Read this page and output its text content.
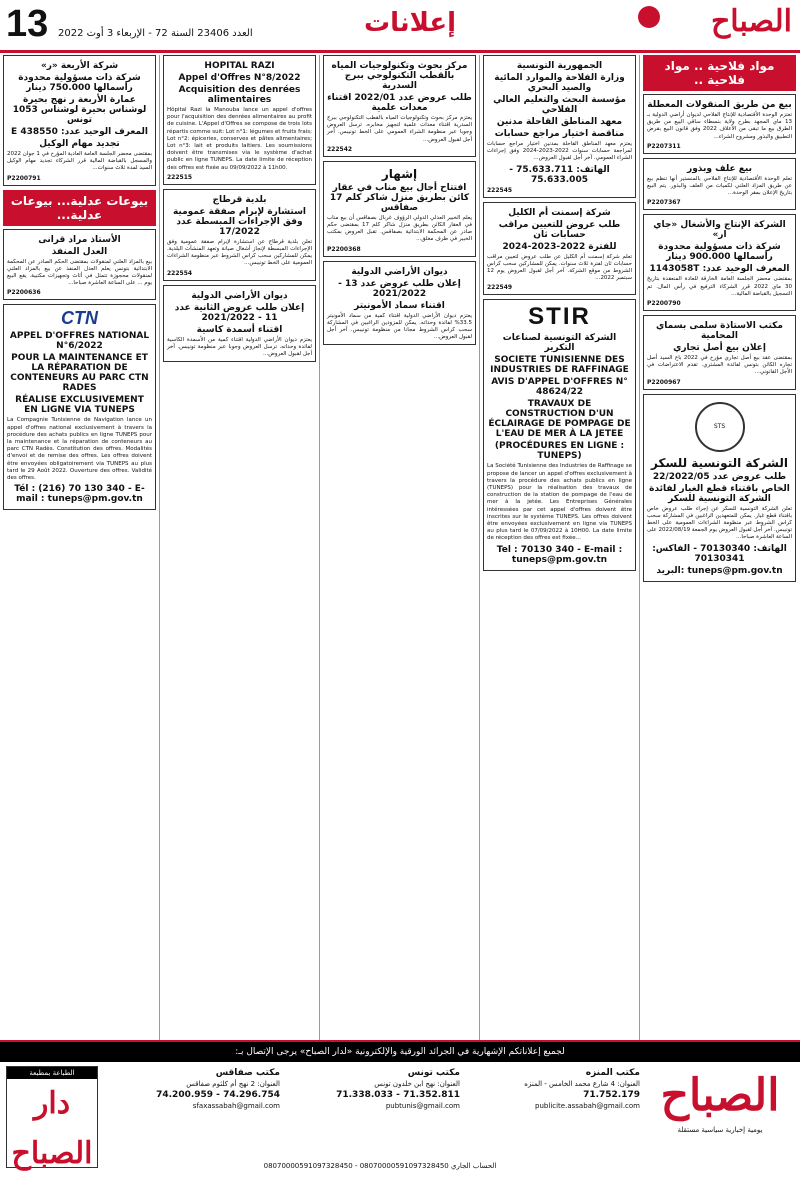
13 العدد 23406 السنة 72 - الإربعاء 3 أوت 2022	إعلانات	الصباح
مواد فلاحية .. مواد فلاحية ..
بيع من طريق المنقولات المعطلة
تعتزم الوحدة الأقتصادية للإنتاج الفلاحي لديوان أراضي الدولية بـ 13 ماي المجهد بطرح ولاية بنسطاء ساقي الييع من طريق الطرق بيع ما تبقى من الأعلاف 2022 وفق قانون البيع بقرض التطبيق والبذور ومشروح الشراء...
P2207311
بيع علف وبذور
تعلم الوحدة الأقتصادية للإنتاج الفلاحي بالمنستير أنها تنظم بيع عن طريق المزاد العلني لكميات من العلف والبذور. يتم البيع بتاريخ الإعلان بمقر الوحدة...
P2207367
الشركة الإنتاج والأشغال «جاي ار»
شركة ذات مسؤولية محدودة رأسمالها 900.000 دينار
المعرف الوحيد عدد: 1143058T
بمقتضى محضر الجلسة العامة الخارقة للعادة المنعقدة بتاريخ 30 ماي 2022 قرر الشركاء الترفيع في رأس المال. تم التسجيل بالقباضة المالية...
P2200790
مكتب الاستاذة سلمى بسماي المحامية
إعلان بيع أصل تجاري
بمقتضى عقد بيع أصل تجاري مؤرخ في 2022 باع السيد أصل تجاره الكائن بتونس لفائدة المشتري. تقدم الاعتراضات في الأجل القانوني...
P2200967
STS
الشركة التونسية للسكر
طلب عروض عدد 22/2022/05
الخاص باقتناء قطع الغيار لفائدة الشركة التونسية للسكر
تعلن الشركة التونسية للسكر عن إجراء طلب عروض خاص باقتناء قطع غيار. يمكن للمتعهدين الراغبين في المشاركة سحب كراس الشروط عبر منظومة الشراءات العمومية على الخط تونيبس. آخر أجل لقبول العروض يوم الجمعة 2022/08/19 على الساعة العاشرة صباحا...
الهاتف: 70130340 - الفاكس: 70130341
tuneps@pm.gov.tn :البريد
الجمهورية التونسية
وزارة الفلاحة والموارد المائية والصيد البحري
مؤسسة البحث والتعليم العالي الفلاحي
معهد المناطق القاحلة مدنين
مناقصة اختيار مراجع حسابات
يعتزم معهد المناطق القاحلة بمدنين اختيار مراجع حسابات لمراجعة حسابات سنوات 2022-2023-2024 وفق إجراءات الشراء العمومي. آخر أجل لقبول العروض...
الهاتف: 75.633.711 - 75.633.005
222545
شركة إسمنت أم الكليل
طلب عروض للتعيين مراقب حسابات ثان
للفترة 2022-2023-2024
تعلم شركة إسمنت أم الكليل عن طلب عروض لتعيين مراقب حسابات ثان لفترة ثلاث سنوات. يمكن للمشاركين سحب كراس الشروط من موقع الشركة. آخر أجل لقبول العروض يوم 12 سبتمبر 2022...
222549
STIR
الشركة التونسية لصناعات التكرير
SOCIETE TUNISIENNE DES INDUSTRIES DE RAFFINAGE
AVIS D'APPEL D'OFFRES N° 48624/22
TRAVAUX DE CONSTRUCTION D'UN ÉCLAIRAGE DE POMPAGE DE L'EAU DE MER À LA JETEE
(PROCÉDURES EN LIGNE : TUNEPS)
La Société Tunisienne des Industries de Raffinage se propose de lancer un appel d'offres exclusivement à travers la procédure des achats publics en ligne (TUNEPS) pour la réalisation des travaux de construction de la station de pompage de l'eau de mer à la jetée. Les Entreprises Générales intéressées par cet appel d'offres doivent être inscrites sur le système TUNEPS. Les offres doivent être envoyées exclusivement en ligne via TUNEPS au plus tard le 07/09/2022 à 10H00. La date limite de réception des offres est fixée...
Tel : 70130 340 - E-mail : tuneps@pm.gov.tn
مركز بحوث وتكنولوجيات المياه بالقطب التكنولوجي ببرج السدرية
طلب عروض عدد 2022/01 اقتناء معدات علمية
يعتزم مركز بحوث وتكنولوجيات المياه بالقطب التكنولوجي ببرج السدرية اقتناء معدات علمية لتجهيز مخابره. ترسل العروض وجوبا عبر منظومة الشراء العمومي على الخط تونيبس. آخر أجل لقبول العروض...
222542
إشهار
افتتاح أجال بيع مناب في عقار كائن بطريق منزل شاكر كلم 17 صفاقس
يعلم الخبير العدلي الدولي الرؤوف غربال بصفاقس أن بيع مناب في العقار الكائن بطريق منزل شاكر كلم 17 بمقتضى حكم صادر عن المحكمة الابتدائية بصفاقس. تقبل العروض بمكتب الخبير في ظرف مغلق...
P2200368
ديوان الأراضي الدولية
إعلان طلب عروض عدد 13 - 2021/2022
اقتناء سماد الأمونيتر
يعتزم ديوان الأراضي الدولية اقتناء كمية من سماد الأمونيتر 33.5% لفائدة وحداته. يمكن للمزودين الراغبين في المشاركة سحب كراس الشروط مجانا من منظومة تونيبس. آخر أجل لقبول العروض...
HOPITAL RAZI
Appel d'Offres N°8/2022
Acquisition des denrées alimentaires
Hôpital Razi la Manouba lance un appel d'offres pour l'acquisition des denrées alimentaires au profit de cuisine. L'Appel d'Offres se compose de trois lots répartis comme suit: Lot n°1: légumes et fruits frais; Lot n°2: épiceries, conserves et pâtes alimentaires; Lot n°3: lait et produits laitiers. Les soumissions doivent être transmises via le système d'achat public en ligne TUNEPS. La date limite de réception des offres est fixée au 09/09/2022 à 11h00.
222515
بلدية قرطاج
استشارة لإبرام صفقة عمومية وفق الإجراءات المبسطة عدد 17/2022
تعلن بلدية قرطاج عن استشارة لإبرام صفقة عمومية وفق الإجراءات المبسطة لإنجاز أشغال صيانة وتعهد المنشآت البلدية. يمكن للمشاركين سحب كراس الشروط عبر منظومة الشراءات العمومية على الخط تونيبس...
222554
ديوان الأراضي الدولية
إعلان طلب عروض الثانية عدد 11 - 2021/2022
اقتناء أسمدة كاسية
يعتزم ديوان الأراضي الدولية اقتناء كمية من الأسمدة الكاسية لفائدة وحداته. ترسل العروض وجوبا عبر منظومة تونيبس. آخر أجل لقبول العروض...
شركة الأربعة «ر»
شركة ذات مسؤولية محدودة رأسمالها 750.000 دينار
عمارة الأربعة ر نهج بحيرة لوشناس بحيرة لوشناس 1053 تونس
المعرف الوحيد عدد: E 438550
تجديد مهام الوكيل
بمقتضى محضر الجلسة العامة العادية المؤرخ في 1 جوان 2022 والمسجل بالقباضة المالية قرر الشركاء تجديد مهام الوكيل السيد لمدة ثلاث سنوات...
P2200791
بيوعات عدلية... بيوعات عدلية...
الأستاذ مراد قرانى
العدل المنفذ
بيع بالمزاد العلني لمنقولات بمقتضى الحكم الصادر عن المحكمة الابتدائية بتونس يعلم العدل المنفذ عن بيع بالمزاد العلني لمنقولات محجوزة تتمثل في أثاث وتجهيزات مكتبية. يقع البيع يوم ... على الساعة العاشرة صباحا...
P2200636
CTN
APPEL D'OFFRES NATIONAL N°6/2022
POUR LA MAINTENANCE ET LA RÉPARATION DE CONTENEURS AU PARC CTN RADES
RÉALISE EXCLUSIVEMENT EN LIGNE VIA TUNEPS
La Compagnie Tunisienne de Navigation lance un appel d'offres national exclusivement à travers la procédure des achats publics en ligne TUNEPS pour la maintenance et la réparation de conteneurs au parc CTN Radès. Constitution des offres. Modalités d'envoi et de remise des offres. Les offres doivent être envoyées obligatoirement via TUNEPS au plus tard le 29 Août 2022. Ouverture des offres. Validité des offres.
Tél : (216) 70 130 340 - E-mail : tuneps@pm.gov.tn
لجميع إعلاناتكم الإشهارية في الجرائد الورقية والإلكترونية «لدار الصباح» يرجى الإتصال بـ:
الصباح
يومية إخبارية سياسية مستقلة
مكتب المنزه
العنوان: 4 شارع محمد الخامس - المنزه
71.752.179
publicite.assabah@gmail.com
مكتب تونس
العنوان: نهج ابن خلدون تونس
71.352.811 - 71.338.033
pubtunis@gmail.com
مكتب صفاقس
العنوان: 2 نهج أم كلثوم صفاقس
74.296.754 - 74.200.959
sfaxassabah@gmail.com
الطباعة بمطبعة
دار الصباح	الحساب الجاري 08070000591097328450 - 08070000591097328450
